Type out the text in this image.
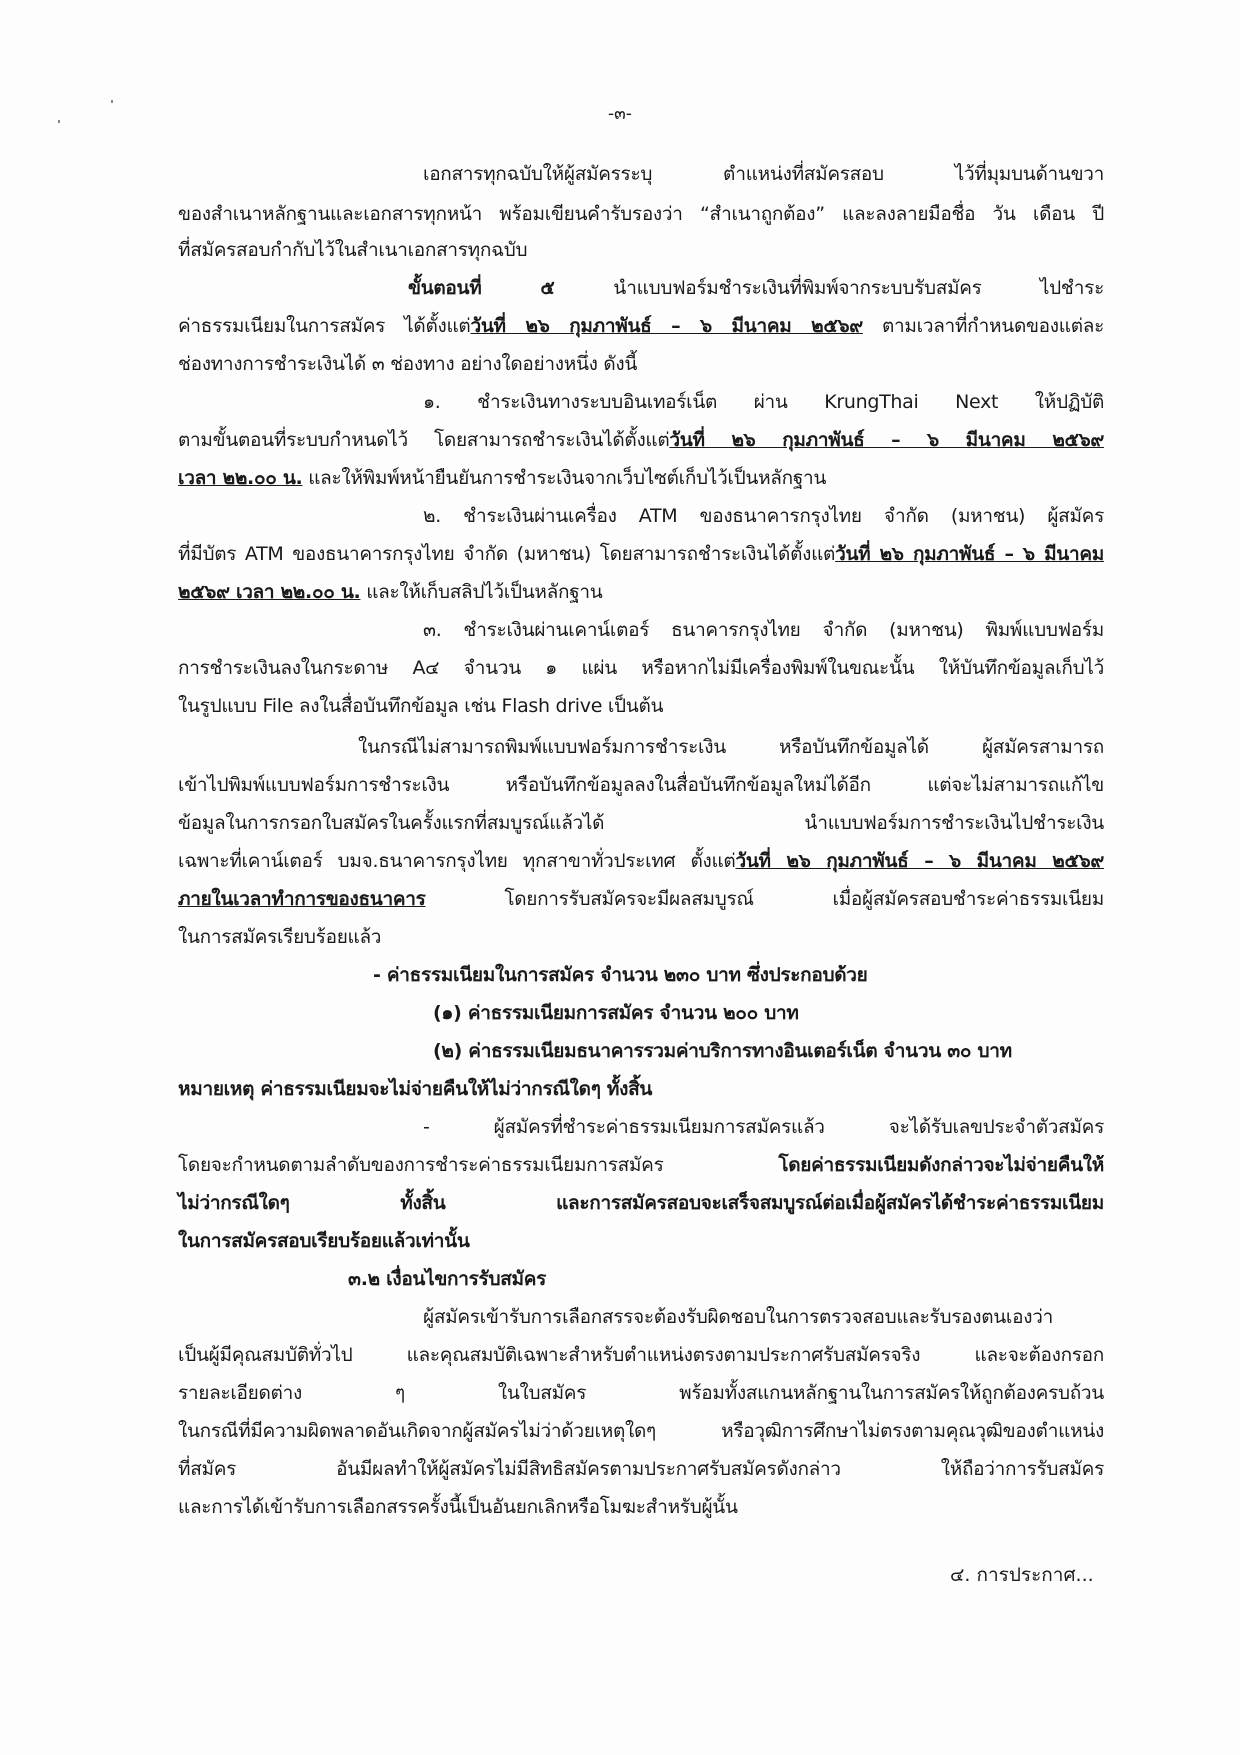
-๓-
เอกสารทุกฉบับให้ผู้สมัครระบุ ตำแหน่งที่สมัครสอบ ไว้ที่มุมบนด้านขวา
ของสำเนาหลักฐานและเอกสารทุกหน้า พร้อมเขียนคำรับรองว่า “สำเนาถูกต้อง” และลงลายมือชื่อ วัน เดือน ปี
ที่สมัครสอบกำกับไว้ในสำเนาเอกสารทุกฉบับ
ขั้นตอนที่ ๕ นำแบบฟอร์มชำระเงินที่พิมพ์จากระบบรับสมัคร ไปชำระ
ค่าธรรมเนียมในการสมัคร ได้ตั้งแต่วันที่ ๒๖ กุมภาพันธ์ – ๖ มีนาคม ๒๕๖๙ ตามเวลาที่กำหนดของแต่ละ
ช่องทางการชำระเงินได้ ๓ ช่องทาง อย่างใดอย่างหนึ่ง ดังนี้
๑. ชำระเงินทางระบบอินเทอร์เน็ต ผ่าน KrungThai Next ให้ปฏิบัติ
ตามขั้นตอนที่ระบบกำหนดไว้ โดยสามารถชำระเงินได้ตั้งแต่วันที่ ๒๖ กุมภาพันธ์ – ๖ มีนาคม ๒๕๖๙
เวลา ๒๒.๐๐ น. และให้พิมพ์หน้ายืนยันการชำระเงินจากเว็บไซต์เก็บไว้เป็นหลักฐาน
๒. ชำระเงินผ่านเครื่อง ATM ของธนาคารกรุงไทย จำกัด (มหาชน) ผู้สมัคร
ที่มีบัตร ATM ของธนาคารกรุงไทย จำกัด (มหาชน) โดยสามารถชำระเงินได้ตั้งแต่วันที่ ๒๖ กุมภาพันธ์ – ๖ มีนาคม
๒๕๖๙ เวลา ๒๒.๐๐ น. และให้เก็บสลิปไว้เป็นหลักฐาน
๓. ชำระเงินผ่านเคาน์เตอร์ ธนาคารกรุงไทย จำกัด (มหาชน) พิมพ์แบบฟอร์ม
การชำระเงินลงในกระดาษ A๔ จำนวน ๑ แผ่น หรือหากไม่มีเครื่องพิมพ์ในขณะนั้น ให้บันทึกข้อมูลเก็บไว้
ในรูปแบบ File ลงในสื่อบันทึกข้อมูล เช่น Flash drive เป็นต้น
ในกรณีไม่สามารถพิมพ์แบบฟอร์มการชำระเงิน หรือบันทึกข้อมูลได้ ผู้สมัครสามารถ
เข้าไปพิมพ์แบบฟอร์มการชำระเงิน หรือบันทึกข้อมูลลงในสื่อบันทึกข้อมูลใหม่ได้อีก แต่จะไม่สามารถแก้ไข
ข้อมูลในการกรอกใบสมัครในครั้งแรกที่สมบูรณ์แล้วได้ นำแบบฟอร์มการชำระเงินไปชำระเงิน
เฉพาะที่เคาน์เตอร์ บมจ.ธนาคารกรุงไทย ทุกสาขาทั่วประเทศ ตั้งแต่วันที่ ๒๖ กุมภาพันธ์ – ๖ มีนาคม ๒๕๖๙
ภายในเวลาทำการของธนาคาร โดยการรับสมัครจะมีผลสมบูรณ์ เมื่อผู้สมัครสอบชำระค่าธรรมเนียม
ในการสมัครเรียบร้อยแล้ว
- ค่าธรรมเนียมในการสมัคร จำนวน ๒๓๐ บาท ซึ่งประกอบด้วย
(๑) ค่าธรรมเนียมการสมัคร จำนวน ๒๐๐ บาท
(๒) ค่าธรรมเนียมธนาคารรวมค่าบริการทางอินเตอร์เน็ต จำนวน ๓๐ บาท
หมายเหตุ ค่าธรรมเนียมจะไม่จ่ายคืนให้ไม่ว่ากรณีใดๆ ทั้งสิ้น
- ผู้สมัครที่ชำระค่าธรรมเนียมการสมัครแล้ว จะได้รับเลขประจำตัวสมัคร
โดยจะกำหนดตามลำดับของการชำระค่าธรรมเนียมการสมัคร โดยค่าธรรมเนียมดังกล่าวจะไม่จ่ายคืนให้
ไม่ว่ากรณีใดๆ ทั้งสิ้น และการสมัครสอบจะเสร็จสมบูรณ์ต่อเมื่อผู้สมัครได้ชำระค่าธรรมเนียม
ในการสมัครสอบเรียบร้อยแล้วเท่านั้น
๓.๒ เงื่อนไขการรับสมัคร
ผู้สมัครเข้ารับการเลือกสรรจะต้องรับผิดชอบในการตรวจสอบและรับรองตนเองว่า
เป็นผู้มีคุณสมบัติทั่วไป และคุณสมบัติเฉพาะสำหรับตำแหน่งตรงตามประกาศรับสมัครจริง และจะต้องกรอก
รายละเอียดต่าง ๆ ในใบสมัคร พร้อมทั้งสแกนหลักฐานในการสมัครให้ถูกต้องครบถ้วน
ในกรณีที่มีความผิดพลาดอันเกิดจากผู้สมัครไม่ว่าด้วยเหตุใดๆ หรือวุฒิการศึกษาไม่ตรงตามคุณวุฒิของตำแหน่ง
ที่สมัคร อันมีผลทำให้ผู้สมัครไม่มีสิทธิสมัครตามประกาศรับสมัครดังกล่าว ให้ถือว่าการรับสมัคร
และการได้เข้ารับการเลือกสรรครั้งนี้เป็นอันยกเลิกหรือโมฆะสำหรับผู้นั้น
๔. การประกาศ...
